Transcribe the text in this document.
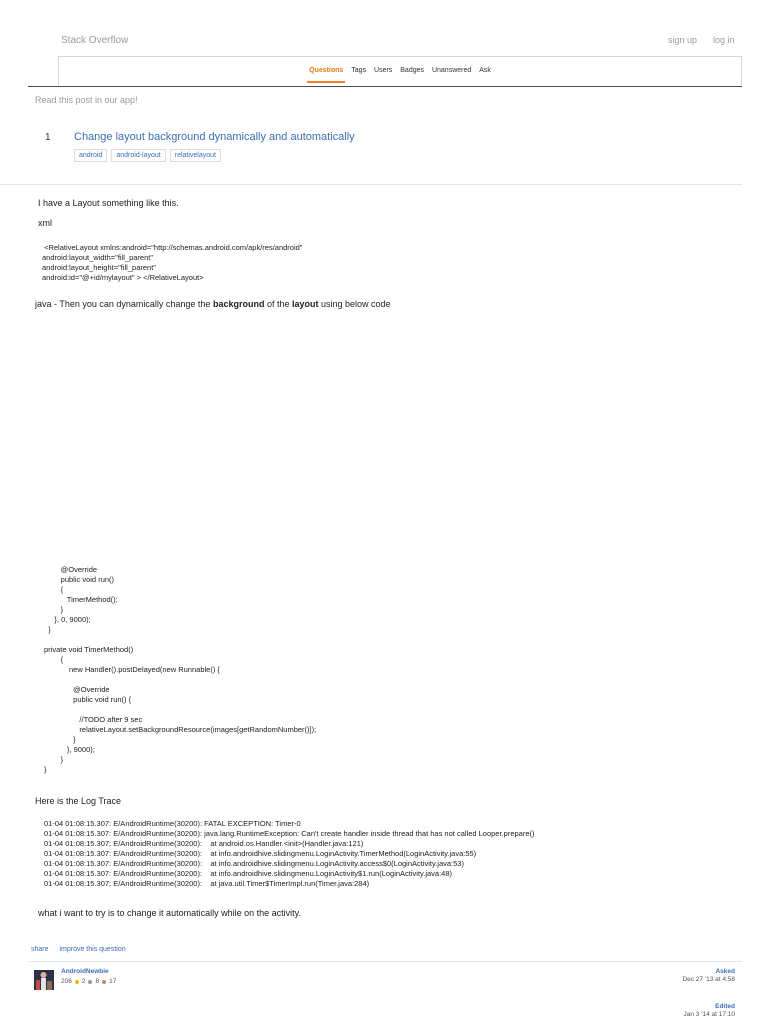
Stack Overflow	sign up log in
Questions Tags Users Badges Unanswered Ask
Read this post in our app!
1 Change layout background dynamically and automatically
android	android-layout	relativelayout
I have a Layout something like this.
xml
<RelativeLayout xmlns:android="http://schemas.android.com/apk/res/android"
android:layout_width="fill_parent"
android:layout_height="fill_parent"
android:id="@+id/mylayout" > </RelativeLayout>
java - Then you can dynamically change the background of the layout using below code
@Override
public void run()
{
TimerMethod();
}
}, 0, 9000);
}

private void TimerMethod()
{
new Handler().postDelayed(new Runnable() {

@Override
public void run() {

//TODO after 9 sec
relativeLayout.setBackgroundResource(images[getRandomNumber()]);
}
}, 9000);
}
}
Here is the Log Trace
01-04 01:08:15.307: E/AndroidRuntime(30200): FATAL EXCEPTION: Timer-0
01-04 01:08:15.307: E/AndroidRuntime(30200): java.lang.RuntimeException: Can't create handler inside thread that has not called Looper.prepare()
01-04 01:08:15.307: E/AndroidRuntime(30200):    at android.os.Handler.<init>(Handler.java:121)
01-04 01:08:15.307: E/AndroidRuntime(30200):    at info.androidhive.slidingmenu.LoginActivity.TimerMethod(LoginActivity.java:55)
01-04 01:08:15.307: E/AndroidRuntime(30200):    at info.androidhive.slidingmenu.LoginActivity.access$0(LoginActivity.java:53)
01-04 01:08:15.307: E/AndroidRuntime(30200):    at info.androidhive.slidingmenu.LoginActivity$1.run(LoginActivity.java:48)
01-04 01:08:15.307: E/AndroidRuntime(30200):    at java.util.Timer$TimerImpl.run(Timer.java:284)
what i want to try is to change it automatically while on the activity.
share improve this question
AndroidNewbie
206 2 8 17
Asked
Dec 27 '13 at 4:58
Edited
Jan 3 '14 at 17:10
